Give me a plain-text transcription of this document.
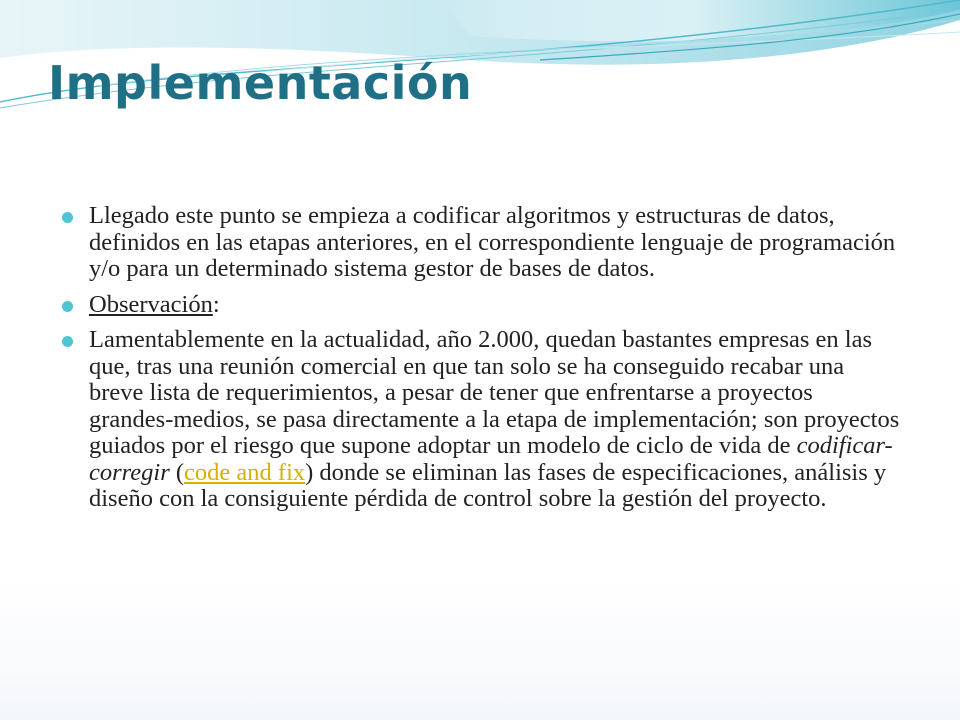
Implementación
Llegado este punto se empieza a codificar algoritmos y estructuras de datos, definidos en las etapas anteriores, en el correspondiente lenguaje de programación y/o para un determinado sistema gestor de bases de datos.
Observación:
Lamentablemente en la actualidad, año 2.000, quedan bastantes empresas en las que, tras una reunión comercial en que tan solo se ha conseguido recabar una breve lista de requerimientos, a pesar de tener que enfrentarse a proyectos grandes-medios, se pasa directamente a la etapa de implementación; son proyectos guiados por el riesgo que supone adoptar un modelo de ciclo de vida de codificar-corregir (code and fix) donde se eliminan las fases de especificaciones, análisis y diseño con la consiguiente pérdida de control sobre la gestión del proyecto.
